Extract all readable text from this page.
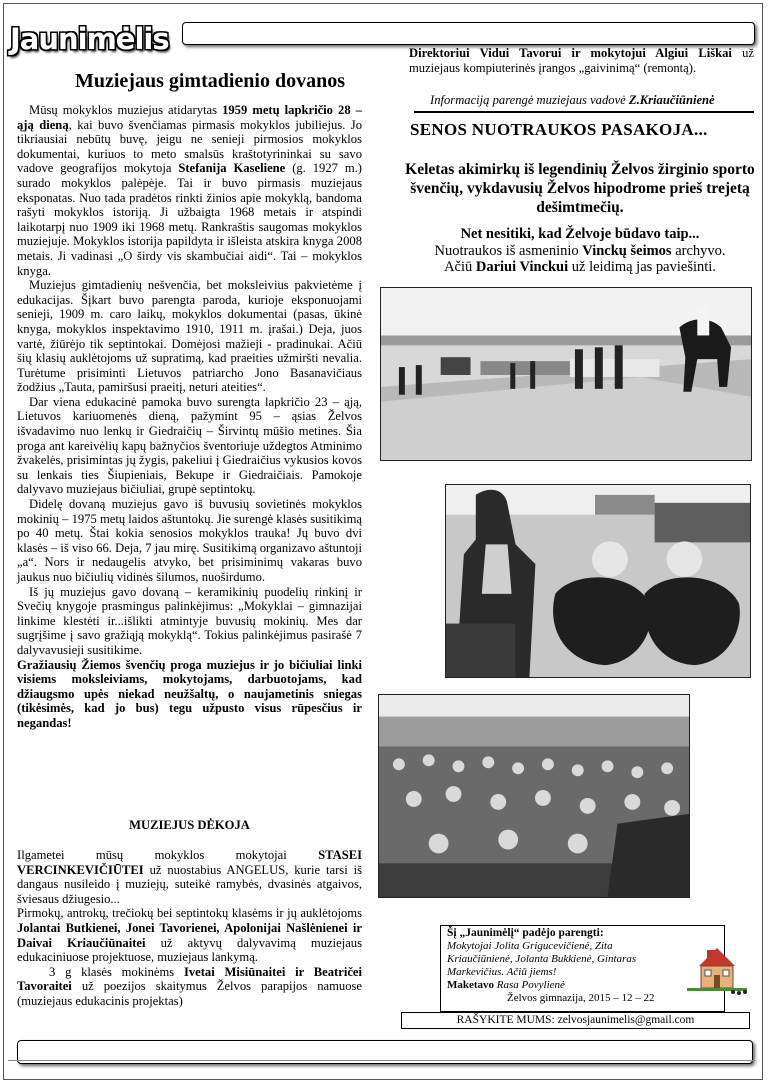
Jaunimėlis
Muziejaus gimtadienio dovanos

Mūsų mokyklos muziejus atidarytas 1959 metų lapkričio 28 – ąją dieną, kai buvo švenčiamas pirmasis mokyklos jubiliejus. Jo tikriausiai nebūtų buvę, jeigu ne senieji pirmosios mokyklos dokumentai, kuriuos to meto smalsūs kraštotyrininkai su savo vadove geografijos mokytoja Stefanija Kaseliene (g. 1927 m.) surado mokyklos palėpėje. Tai ir buvo pirmasis muziejaus eksponatas. Nuo tada pradėtos rinkti žinios apie mokyklą, bandoma rašyti mokyklos istoriją. Ji užbaigta 1968 metais ir atspindi laikotarpį nuo 1909 iki 1968 metų. Rankraštis saugomas mokyklos muziejuje. Mokyklos istorija papildyta ir išleista atskira knyga 2008 metais. Ji vadinasi „O širdy vis skambučiai aidi“. Tai – mokyklos knyga.

Muziejus gimtadienių nešvenčia, bet moksleivius pakvietėme į edukacijas. Šįkart buvo parengta paroda, kurioje eksponuojami senieji, 1909 m. caro laikų, mokyklos dokumentai (pasas, ūkinė knyga, mokyklos inspektavimo 1910, 1911 m. įrašai.) Deja, juos vartė, žiūrėjo tik septintokai. Domėjosi mažieji - pradinukai. Ačiū šių klasių auklėtojoms už supratimą, kad praeities užmiršti nevalia. Turėtume prisiminti Lietuvos patriarcho Jono Basanavičiaus žodžius „Tauta, pamiršusi praeitį, neturi ateities“.

Dar viena edukacinė pamoka buvo surengta lapkričio 23 – ąją, Lietuvos kariuomenės dieną, pažymint 95 – ąsias Želvos išvadavimo nuo lenkų ir Giedraičių – Širvintų mūšio metines. Šia proga ant kareivėlių kapų bažnyčios šventoriuje uždegtos Atminimo žvakelės, prisimintas jų žygis, pakeliui į Giedraičius vykusios kovos su lenkais ties Šiupieniais, Bekupe ir Giedraičiais. Pamokoje dalyvavo muziejaus bičiuliai, grupė septintokų.

Didelę dovaną muziejus gavo iš buvusių sovietinės mokyklos mokinių – 1975 metų laidos aštuntokų. Jie surengė klasės susitikimą po 40 metų. Štai kokia senosios mokyklos trauka! Jų buvo dvi klasės – iš viso 66. Deja, 7 jau mirę. Susitikimą organizavo aštuntoji „a“. Nors ir nedaugelis atvyko, bet prisiminimų vakaras buvo jaukus nuo bičiulių vidinės šilumos, nuoširdumo.

Iš jų muziejus gavo dovaną – keramikinių puodelių rinkinį ir Svečių knygoje prasmingus palinkėjimus: „Mokyklai – gimnazijai linkime klestėti ir...išlikti atmintyje buvusių mokinių. Mes dar sugrįšime į savo gražiąją mokyklą“. Tokius palinkėjimus pasirašė 7 dalyvavusieji susitikime.

Gražiausių Žiemos švenčių proga muziejus ir jo bičiuliai linki visiems moksleiviams, mokytojams, darbuotojams, kad džiaugsmo upės niekad neužšaltų, o naujametinis sniegas (tikėsimės, kad jo bus) tegu užpusto visus rūpesčius ir negandas!

MUZIEJUS DĖKOJA

Ilgametei mūsų mokyklos mokytojai STASEI VERCINKEVIČIŪTEI už nuostabius ANGELUS, kurie tarsi iš dangaus nusileido į muziejų, suteikė ramybės, dvasinės atgaivos, šviesaus džiugesio...

Pirmokų, antrokų, trečiokų bei septintokų klasėms ir jų auklėtojoms Jolantai Butkienei, Jonei Tavorienei, Apolonijai Našlėnienei ir Daivai Kriaučiūnaitei už aktyvų dalyvavimą muziejaus edukaciniuose projektuose, muziejaus lankymą.

3 g klasės mokinėms Ivetai Misiūnaitei ir Beatričei Tavoraitei už poezijos skaitymus Želvos parapijos namuose (muziejaus edukacinis projektas)

Direktoriui Vidui Tavorui ir mokytojui Algiui Liškai už muziejaus kompiuterinės įrangos „gaivinimą“ (remontą).
Informaciją parengė muziejaus vadovė Z.Kriaučiūnienė
SENOS NUOTRAUKOS PASAKOJA...
Keletas akimirkų iš legendinių Želvos žirginio sporto švenčių, vykdavusių Želvos hipodrome prieš trejetą dešimtmečių.
Net nesitiki, kad Želvoje būdavo taip...
Nuotraukos iš asmeninio Vinckų šeimos archyvo.
Ačiū Dariui Vinckui už leidimą jas paviešinti.
Šį „Jaunimėlį“ padėjo parengti:
Mokytojai Jolita Grigucevičienė, Zita Kriaučiūnienė, Jolanta Bukkienė, Gintaras Markevičius. Ačiū jiems!
Maketavo Rasa Povylienė
Želvos gimnazija, 2015 – 12 – 22
RAŠYKITE MUMS: zelvosjaunimelis@gmail.com
